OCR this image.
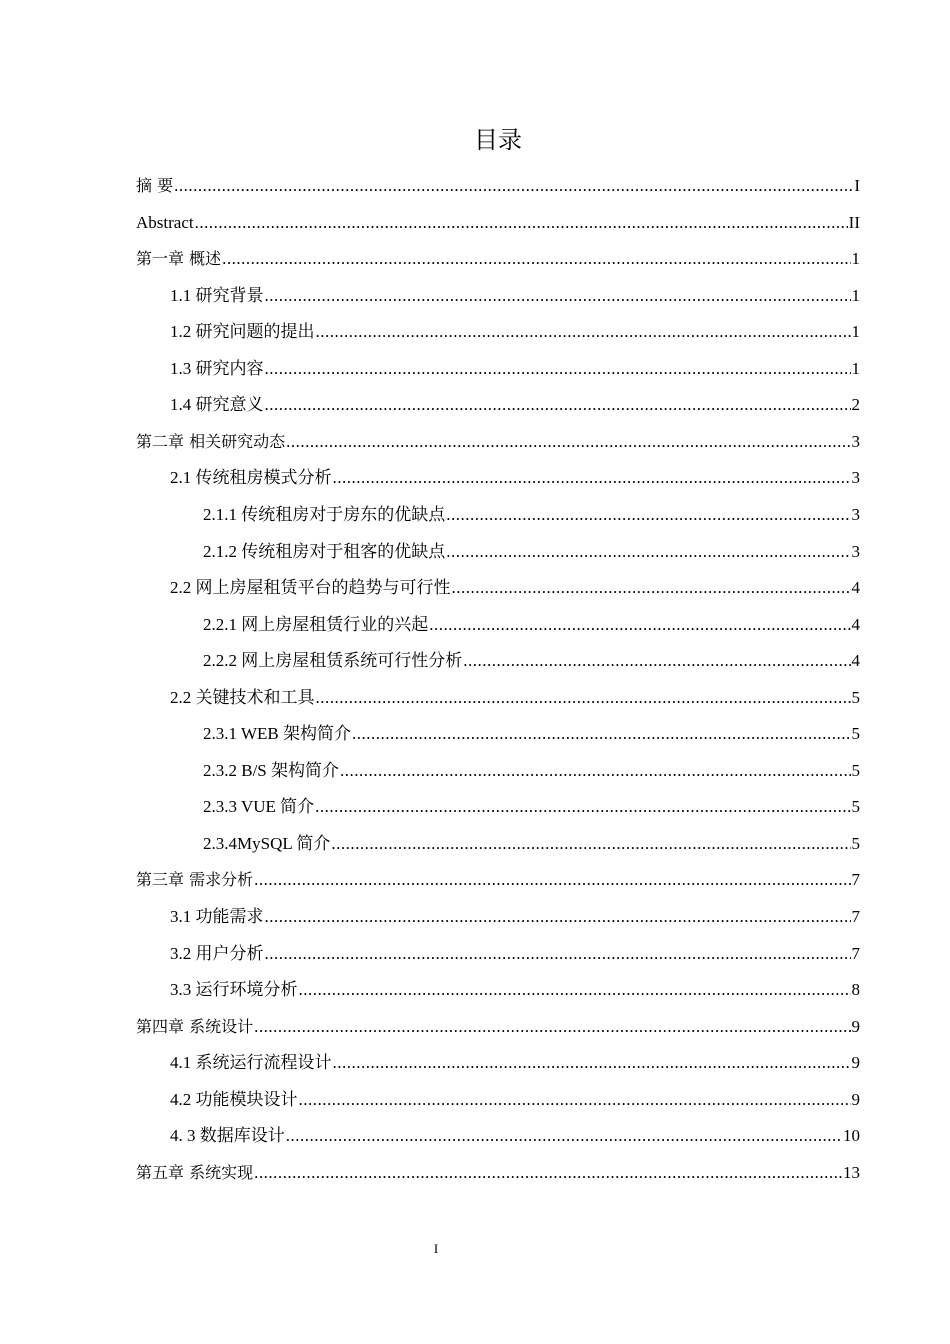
目录
摘 要 .....	I
Abstract .....	II
第一章 概述 .....	1
1.1 研究背景 .....	1
1.2 研究问题的提出 .....	1
1.3 研究内容 .....	1
1.4 研究意义 .....	2
第二章 相关研究动态 .....	3
2.1 传统租房模式分析 .....	3
2.1.1 传统租房对于房东的优缺点 .....	3
2.1.2 传统租房对于租客的优缺点 .....	3
2.2 网上房屋租赁平台的趋势与可行性 .....	4
2.2.1 网上房屋租赁行业的兴起 .....	4
2.2.2 网上房屋租赁系统可行性分析 .....	4
2.2 关键技术和工具 .....	5
2.3.1 WEB 架构简介 .....	5
2.3.2 B/S 架构简介 .....	5
2.3.3 VUE 简介 .....	5
2.3.4MySQL 简介 .....	5
第三章 需求分析 .....	7
3.1 功能需求 .....	7
3.2 用户分析 .....	7
3.3 运行环境分析 .....	8
第四章 系统设计 .....	9
4.1 系统运行流程设计 .....	9
4.2 功能模块设计 .....	9
4. 3 数据库设计 .....	10
第五章 系统实现 .....	13
I
